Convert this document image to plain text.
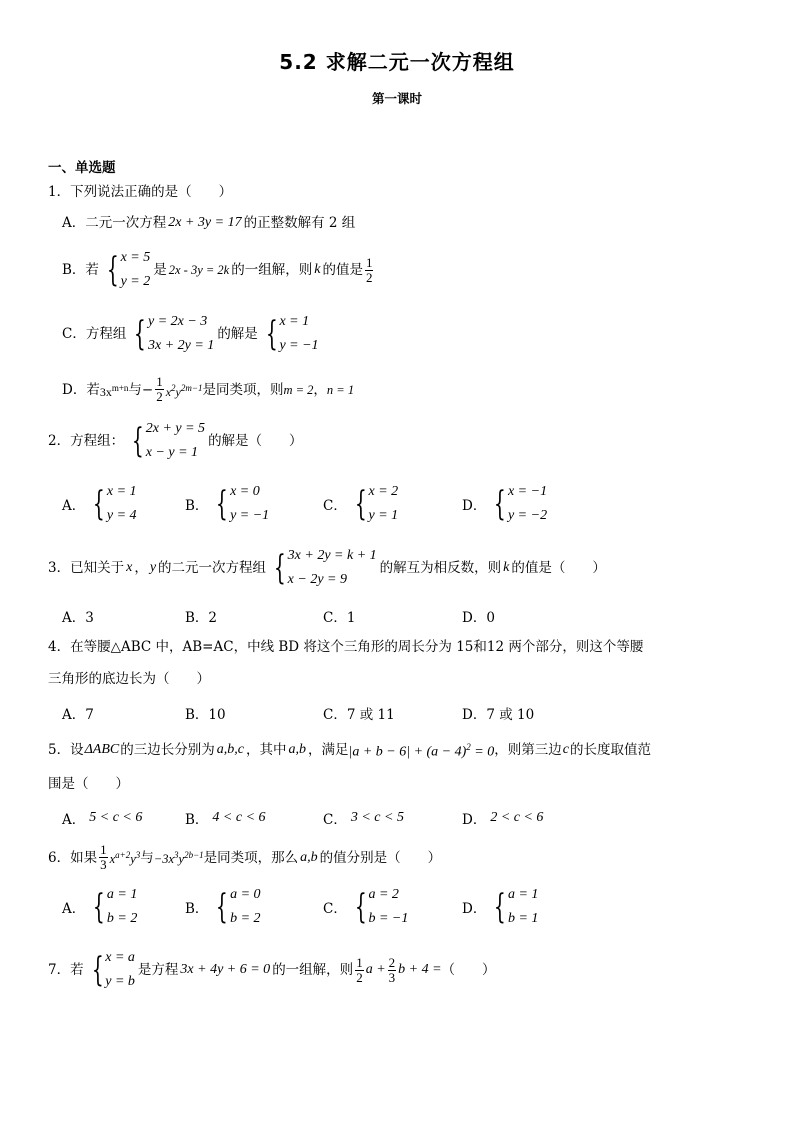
5.2 求解二元一次方程组
第一课时
一、单选题
1．下列说法正确的是（　　）
A．二元一次方程 2x + 3y = 17 的正整数解有 2 组
B．若 { x = 5
y = 2
是 2x - 3y = 2k 的一组解，则 k 的值是 $\frac{1}{2}$
C．方程组 { y = 2x − 3
3x + 2y = 1
的解是 { x = 1
y = −1
D．若 $3x^{m+n}$ 与 − $\frac{1}{2} x^2y^{2m-1}$ 是同类项，则 m = 2 ， n = 1
2．方程组： { 2x + y = 5
x − y = 1
的解是（　　）
A． { x = 1
y = 4
B． { x = 0
y = −1
C． { x = 2
y = 1
D． { x = −1
y = −2
3．已知关于 x ， y 的二元一次方程组 { 3x + 2y = k + 1
x − 2y = 9
的解互为相反数，则 k 的值是（　　）
A．3	B．2	C．1	D．0
4．在等腰△ABC 中，AB=AC，中线 BD 将这个三角形的周长分为 15和12 两个部分，则这个等腰
三角形的底边长为（　　）
A．7	B．10	C．7 或 11	D．7 或 10
5．设 ΔABC 的三边长分别为 a,b,c ，其中 a,b ，满足 $|a + b - 6| + (a - 4)^2 = 0$ ，则第三边 c 的长度取值范
围是（　　）
A． 5 < c < 6	B． 4 < c < 6	C． 3 < c < 5	D． 2 < c < 6
6．如果 $\frac{1}{3} x^{a+2}y^3$ 与 $-3x^3y^{2b-1}$ 是同类项，那么 a,b 的值分别是（　　）
A． { a = 1
b = 2
B． { a = 0
b = 2
C． { a = 2
b = −1
D． { a = 1
b = 1
7．若 { x = a
y = b
是方程 3x + 4y + 6 = 0 的一组解，则 $\frac{1}{2}$ $a + \frac{2}{3}$ b + 4 = （　　）
